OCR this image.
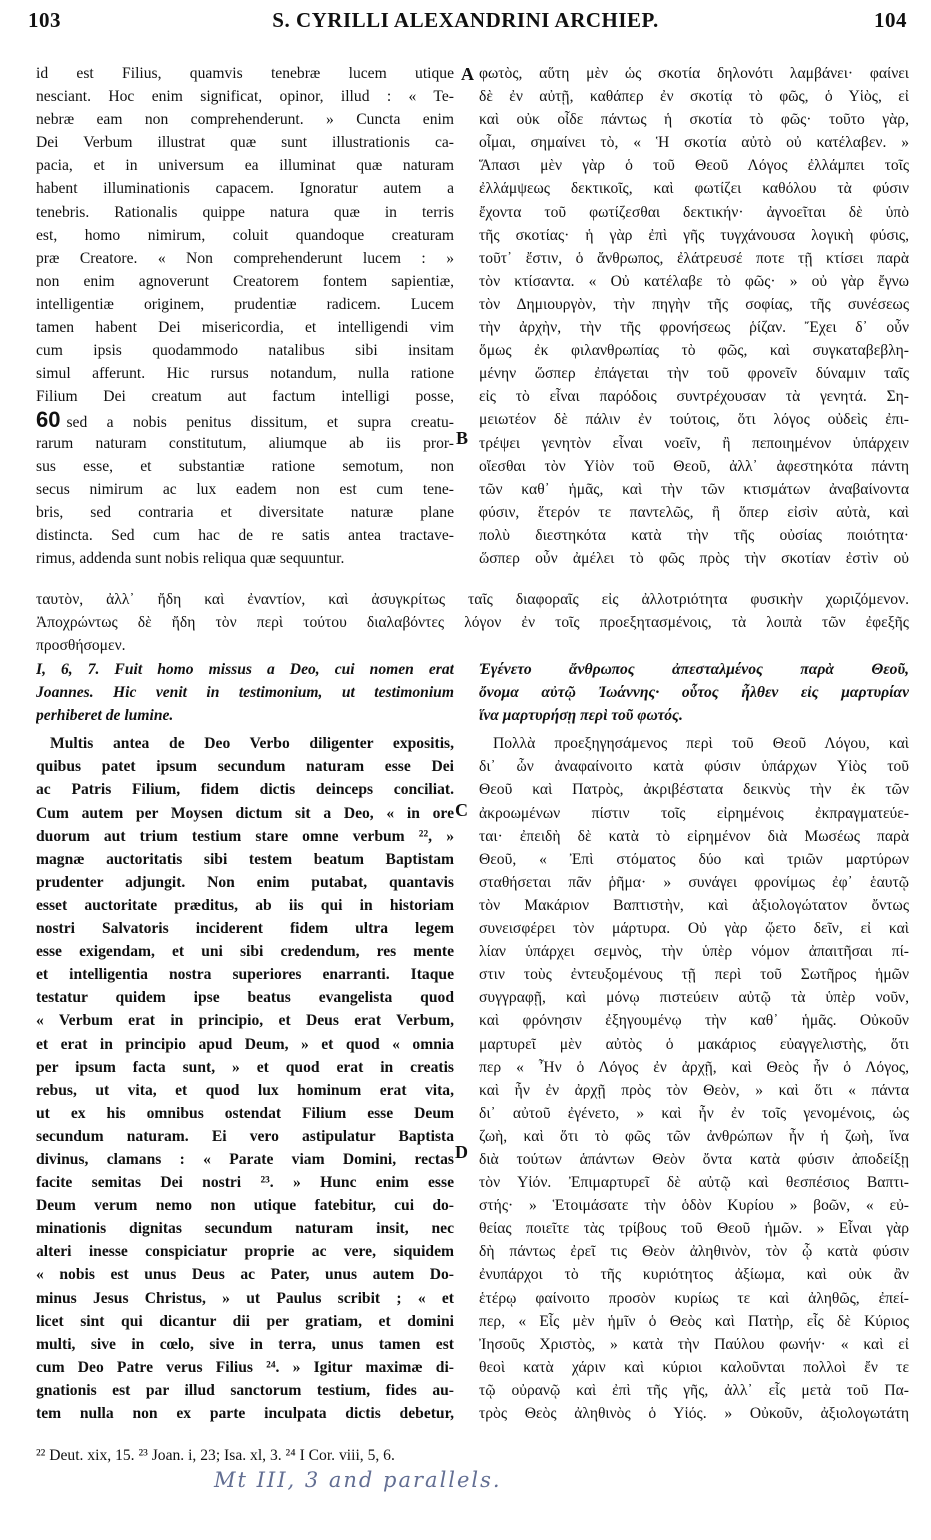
S. CYRILLI ALEXANDRINI ARCHIEP.
103	104
A
B
C
D
id est Filius, quamvis tenebræ lucem utique
nesciant. Hoc enim significat, opinor, illud : « Te-
nebræ eam non comprehenderunt. » Cuncta enim
Dei Verbum illustrat quæ sunt illustrationis ca-
pacia, et in universum ea illuminat quæ naturam
habent illuminationis capacem. Ignoratur autem a
tenebris. Rationalis quippe natura quæ in terris
est, homo nimirum, coluit quandoque creaturam
præ Creatore. « Non comprehenderunt lucem : »
non enim agnoverunt Creatorem fontem sapientiæ,
intelligentiæ originem, prudentiæ radicem. Lucem
tamen habent Dei misericordia, et intelligendi vim
cum ipsis quodammodo natalibus sibi insitam
simul afferunt. Hic rursus notandum, nulla ratione
Filium Dei creatum aut factum intelligi posse,
60 sed a nobis penitus dissitum, et supra creatu-
rarum naturam constitutum, aliumque ab iis pror-
sus esse, et substantiæ ratione semotum, non
secus nimirum ac lux eadem non est cum tene-
bris, sed contraria et diversitate naturæ plane
distincta. Sed cum hac de re satis antea tractave-
rimus, addenda sunt nobis reliqua quæ sequuntur.
φωτὸς, αὕτη μὲν ὡς σκοτία δηλονότι λαμβάνει· φαίνει
δὲ ἐν αὐτῇ, καθάπερ ἐν σκοτίᾳ τὸ φῶς, ὁ Υἱὸς, εἰ
καὶ οὐκ οἶδε πάντως ἡ σκοτία τὸ φῶς· τοῦτο γὰρ,
οἶμαι, σημαίνει τὸ, « Ἡ σκοτία αὐτὸ οὐ κατέλαβεν. »
Ἅπασι μὲν γὰρ ὁ τοῦ Θεοῦ Λόγος ἐλλάμπει τοῖς
ἐλλάμψεως δεκτικοῖς, καὶ φωτίζει καθόλου τὰ φύσιν
ἔχοντα τοῦ φωτίζεσθαι δεκτικήν· ἀγνοεῖται δὲ ὑπὸ
τῆς σκοτίας· ἡ γὰρ ἐπὶ γῆς τυγχάνουσα λογικὴ φύσις,
τοῦτ᾽ ἔστιν, ὁ ἄνθρωπος, ἐλάτρευσέ ποτε τῇ κτίσει παρὰ
τὸν κτίσαντα. « Οὐ κατέλαβε τὸ φῶς· » οὐ γὰρ ἔγνω
τὸν Δημιουργὸν, τὴν πηγὴν τῆς σοφίας, τῆς συνέσεως
τὴν ἀρχὴν, τὴν τῆς φρονήσεως ῥίζαν. Ἔχει δ᾽ οὖν
ὅμως ἐκ φιλανθρωπίας τὸ φῶς, καὶ συγκαταβεβλη-
μένην ὥσπερ ἐπάγεται τὴν τοῦ φρονεῖν δύναμιν ταῖς
εἰς τὸ εἶναι παρόδοις συντρέχουσαν τὰ γενητά. Ση-
μειωτέον δὲ πάλιν ἐν τούτοις, ὅτι λόγος οὐδεὶς ἐπι-
τρέψει γενητὸν εἶναι νοεῖν, ἢ πεποιημένον ὑπάρχειν
οἴεσθαι τὸν Υἱὸν τοῦ Θεοῦ, ἀλλ᾽ ἀφεστηκότα πάντη
τῶν καθ᾽ ἡμᾶς, καὶ τὴν τῶν κτισμάτων ἀναβαίνοντα
φύσιν, ἕτερόν τε παντελῶς, ἢ ὅπερ εἰσὶν αὐτὰ, καὶ
πολὺ διεστηκότα κατὰ τὴν τῆς οὐσίας ποιότητα·
ὥσπερ οὖν ἀμέλει τὸ φῶς πρὸς τὴν σκοτίαν ἐστὶν οὐ
ταυτὸν, ἀλλ᾽ ἤδη καὶ ἐναντίον, καὶ ἀσυγκρίτως ταῖς διαφοραῖς εἰς ἀλλοτριότητα φυσικὴν χωριζόμενον.
Ἀποχρώντως δὲ ἤδη τὸν περὶ τούτου διαλαβόντες λόγον ἐν τοῖς προεξητασμένοις, τὰ λοιπὰ τῶν ἐφεξῆς
προσθήσομεν.
I, 6, 7. Fuit homo missus a Deo, cui nomen erat
Joannes. Hic venit in testimonium, ut testimonium
perhiberet de lumine.
Multis antea de Deo Verbo diligenter expositis,
quibus patet ipsum secundum naturam esse Dei
ac Patris Filium, fidem dictis deinceps conciliat.
Cum autem per Moysen dictum sit a Deo, « in ore
duorum aut trium testium stare omne verbum ²², »
magnæ auctoritatis sibi testem beatum Baptistam
prudenter adjungit. Non enim putabat, quantavis
esset auctoritate præditus, ab iis qui in historiam
nostri Salvatoris inciderent fidem ultra legem
esse exigendam, et uni sibi credendum, res mente
et intelligentia nostra superiores enarranti. Itaque
testatur quidem ipse beatus evangelista quod
« Verbum erat in principio, et Deus erat Verbum,
et erat in principio apud Deum, » et quod « omnia
per ipsum facta sunt, » et quod erat in creatis
rebus, ut vita, et quod lux hominum erat vita,
ut ex his omnibus ostendat Filium esse Deum
secundum naturam. Ei vero astipulatur Baptista
divinus, clamans : « Parate viam Domini, rectas
facite semitas Dei nostri ²³. » Hunc enim esse
Deum verum nemo non utique fatebitur, cui do-
minationis dignitas secundum naturam insit, nec
alteri inesse conspiciatur proprie ac vere, siquidem
« nobis est unus Deus ac Pater, unus autem Do-
minus Jesus Christus, » ut Paulus scribit ; « et
licet sint qui dicantur dii per gratiam, et domini
multi, sive in cœlo, sive in terra, unus tamen est
cum Deo Patre verus Filius ²⁴. » Igitur maximæ di-
gnationis est par illud sanctorum testium, fides au-
tem nulla non ex parte inculpata dictis debetur,
Ἐγένετο ἄνθρωπος ἀπεσταλμένος παρὰ Θεοῦ,
ὄνομα αὐτῷ Ἰωάννης· οὗτος ἦλθεν εἰς μαρτυρίαν
ἵνα μαρτυρήσῃ περὶ τοῦ φωτός.
Πολλὰ προεξηγησάμενος περὶ τοῦ Θεοῦ Λόγου, καὶ
δι᾽ ὧν ἀναφαίνοιτο κατὰ φύσιν ὑπάρχων Υἱὸς τοῦ
Θεοῦ καὶ Πατρὸς, ἀκριβέστατα δεικνὺς τὴν ἐκ τῶν
ἀκροωμένων πίστιν τοῖς εἰρημένοις ἐκπραγματεύε-
ται· ἐπειδὴ δὲ κατὰ τὸ εἰρημένον διὰ Μωσέως παρὰ
Θεοῦ, « Ἐπὶ στόματος δύο καὶ τριῶν μαρτύρων
σταθήσεται πᾶν ῥῆμα· » συνάγει φρονίμως ἐφ᾽ ἑαυτῷ
τὸν Μακάριον Βαπτιστὴν, καὶ ἀξιολογώτατον ὄντως
συνεισφέρει τὸν μάρτυρα. Οὐ γὰρ ᾤετο δεῖν, εἰ καὶ
λίαν ὑπάρχει σεμνὸς, τὴν ὑπὲρ νόμον ἀπαιτῆσαι πί-
στιν τοὺς ἐντευξομένους τῇ περὶ τοῦ Σωτῆρος ἡμῶν
συγγραφῇ, καὶ μόνῳ πιστεύειν αὐτῷ τὰ ὑπὲρ νοῦν,
καὶ φρόνησιν ἐξηγουμένῳ τὴν καθ᾽ ἡμᾶς. Οὐκοῦν
μαρτυρεῖ μὲν αὐτὸς ὁ μακάριος εὐαγγελιστὴς, ὅτι
περ « Ἦν ὁ Λόγος ἐν ἀρχῇ, καὶ Θεὸς ἦν ὁ Λόγος,
καὶ ἦν ἐν ἀρχῇ πρὸς τὸν Θεὸν, » καὶ ὅτι « πάντα
δι᾽ αὐτοῦ ἐγένετο, » καὶ ἦν ἐν τοῖς γενομένοις, ὡς
ζωὴ, καὶ ὅτι τὸ φῶς τῶν ἀνθρώπων ἦν ἡ ζωὴ, ἵνα
διὰ τούτων ἁπάντων Θεὸν ὄντα κατὰ φύσιν ἀποδείξῃ
τὸν Υἱόν. Ἐπιμαρτυρεῖ δὲ αὐτῷ καὶ θεσπέσιος Βαπτι-
στής· » Ἑτοιμάσατε τὴν ὁδὸν Κυρίου » βοῶν, « εὐ-
θείας ποιεῖτε τὰς τρίβους τοῦ Θεοῦ ἡμῶν. » Εἶναι γὰρ
δὴ πάντως ἐρεῖ τις Θεὸν ἀληθινὸν, τὸν ᾧ κατὰ φύσιν
ἐνυπάρχοι τὸ τῆς κυριότητος ἀξίωμα, καὶ οὐκ ἂν
ἑτέρῳ φαίνοιτο προσὸν κυρίως τε καὶ ἀληθῶς, ἐπεί-
περ, « Εἷς μὲν ἡμῖν ὁ Θεὸς καὶ Πατὴρ, εἷς δὲ Κύριος
Ἰησοῦς Χριστὸς, » κατὰ τὴν Παύλου φωνήν· « καὶ εἰ
θεοὶ κατὰ χάριν καὶ κύριοι καλοῦνται πολλοὶ ἔν τε
τῷ οὐρανῷ καὶ ἐπὶ τῆς γῆς, ἀλλ᾽ εἷς μετὰ τοῦ Πα-
τρὸς Θεὸς ἀληθινὸς ὁ Υἱός. » Οὐκοῦν, ἀξιολογωτάτη
²² Deut. xix, 15. ²³ Joan. i, 23; Isa. xl, 3. ²⁴ I Cor. viii, 5, 6.
Mt III, 3 and parallels.
